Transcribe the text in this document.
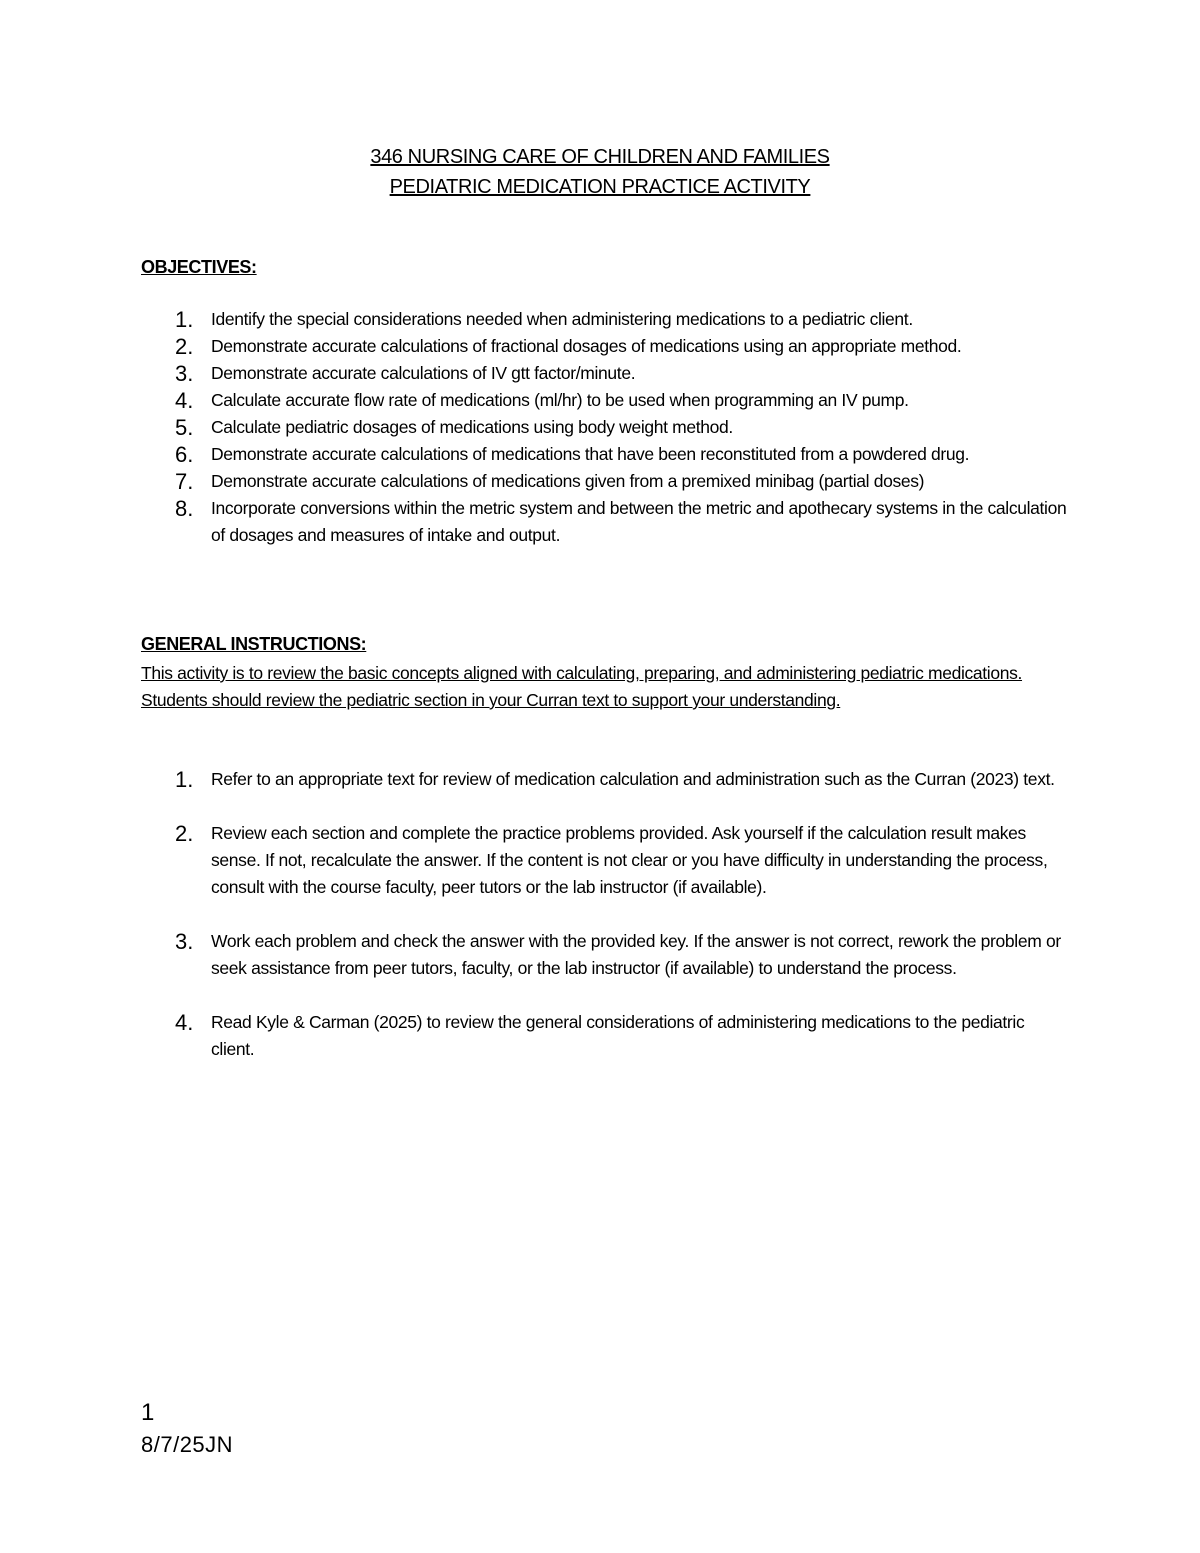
346 NURSING CARE OF CHILDREN AND FAMILIES
PEDIATRIC MEDICATION PRACTICE ACTIVITY
OBJECTIVES:
1. Identify the special considerations needed when administering medications to a pediatric client.
2. Demonstrate accurate calculations of fractional dosages of medications using an appropriate method.
3. Demonstrate accurate calculations of IV gtt factor/minute.
4. Calculate accurate flow rate of medications (ml/hr) to be used when programming an IV pump.
5. Calculate pediatric dosages of medications using body weight method.
6. Demonstrate accurate calculations of medications that have been reconstituted from a powdered drug.
7. Demonstrate accurate calculations of medications given from a premixed minibag (partial doses)
8. Incorporate conversions within the metric system and between the metric and apothecary systems in the calculation of dosages and measures of intake and output.
GENERAL INSTRUCTIONS:
This activity is to review the basic concepts aligned with calculating, preparing, and administering pediatric medications. Students should review the pediatric section in your Curran text to support your understanding.
1. Refer to an appropriate text for review of medication calculation and administration such as the Curran (2023) text.
2. Review each section and complete the practice problems provided. Ask yourself if the calculation result makes sense. If not, recalculate the answer. If the content is not clear or you have difficulty in understanding the process, consult with the course faculty, peer tutors or the lab instructor (if available).
3. Work each problem and check the answer with the provided key. If the answer is not correct, rework the problem or seek assistance from peer tutors, faculty, or the lab instructor (if available) to understand the process.
4. Read Kyle & Carman (2025) to review the general considerations of administering medications to the pediatric client.
1
8/7/25JN
